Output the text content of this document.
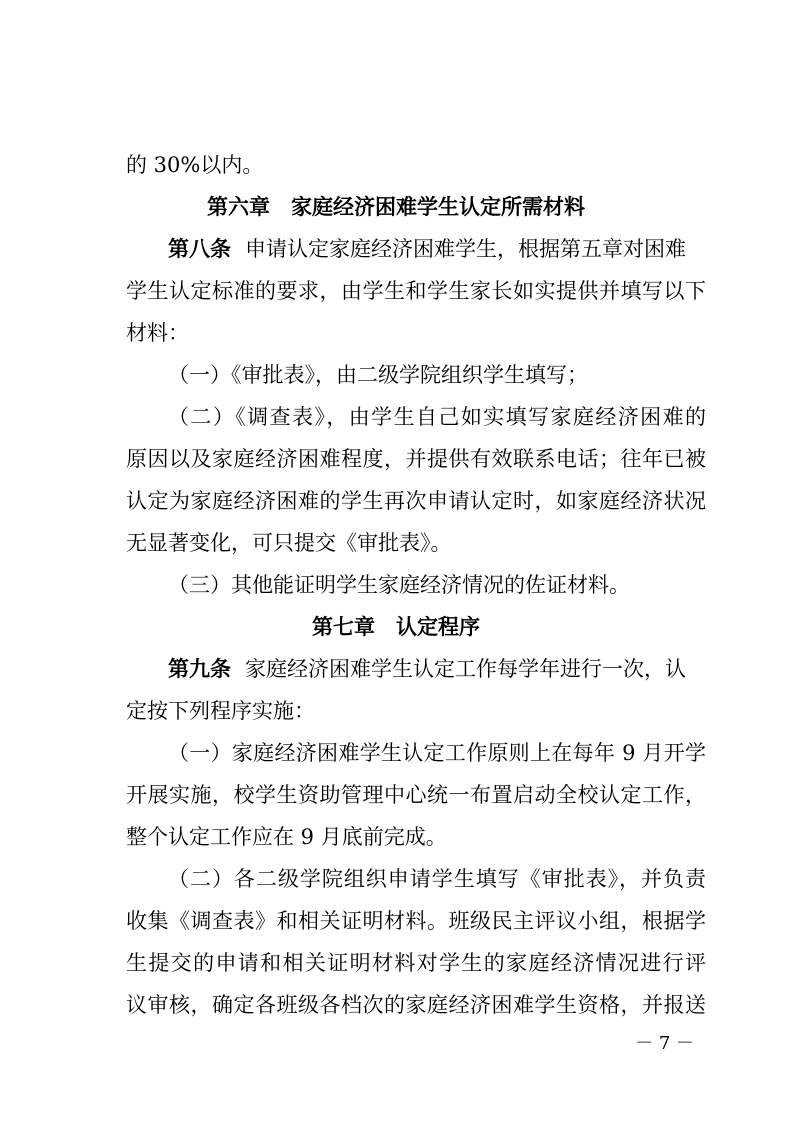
的 30%以内。
第六章　家庭经济困难学生认定所需材料
第八条 申请认定家庭经济困难学生，根据第五章对困难
学生认定标准的要求，由学生和学生家长如实提供并填写以下
材料：
（一）《审批表》，由二级学院组织学生填写；
（二）《调查表》，由学生自己如实填写家庭经济困难的
原因以及家庭经济困难程度，并提供有效联系电话；往年已被
认定为家庭经济困难的学生再次申请认定时，如家庭经济状况
无显著变化，可只提交《审批表》。
（三）其他能证明学生家庭经济情况的佐证材料。
第七章　认定程序
第九条 家庭经济困难学生认定工作每学年进行一次，认
定按下列程序实施：
（一）家庭经济困难学生认定工作原则上在每年 9 月开学
开展实施，校学生资助管理中心统一布置启动全校认定工作，
整个认定工作应在 9 月底前完成。
（二）各二级学院组织申请学生填写《审批表》，并负责
收集《调查表》和相关证明材料。班级民主评议小组，根据学
生提交的申请和相关证明材料对学生的家庭经济情况进行评
议审核，确定各班级各档次的家庭经济困难学生资格，并报送
－ 7 －
